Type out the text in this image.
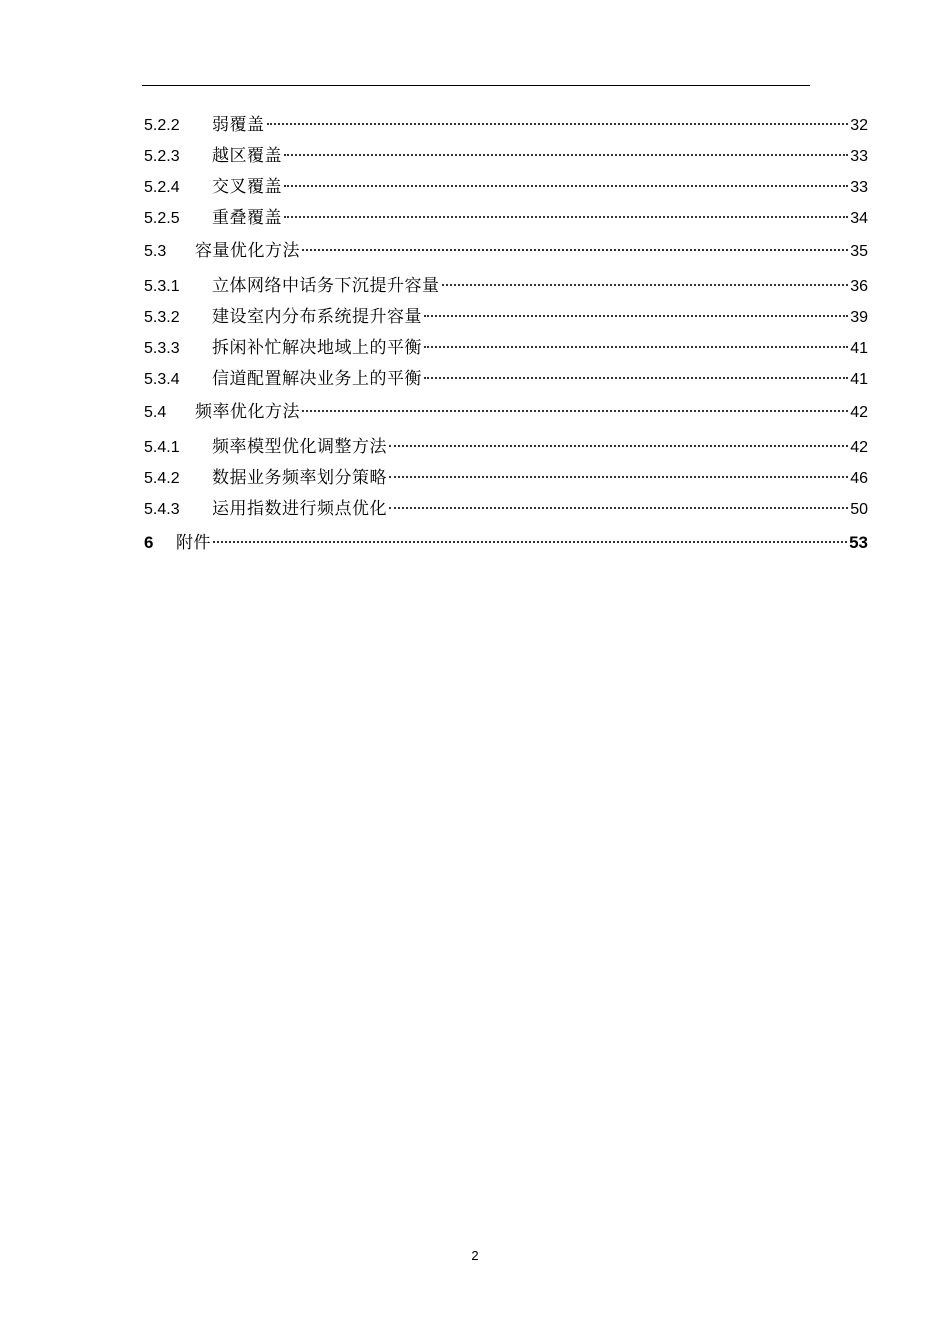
5.2.2	弱覆盖	32
5.2.3	越区覆盖	33
5.2.4	交叉覆盖	33
5.2.5	重叠覆盖	34
5.3	容量优化方法	35
5.3.1	立体网络中话务下沉提升容量	36
5.3.2	建设室内分布系统提升容量	39
5.3.3	拆闲补忙解决地域上的平衡	41
5.3.4	信道配置解决业务上的平衡	41
5.4	频率优化方法	42
5.4.1	频率模型优化调整方法	42
5.4.2	数据业务频率划分策略	46
5.4.3	运用指数进行频点优化	50
6	附件	53
2
